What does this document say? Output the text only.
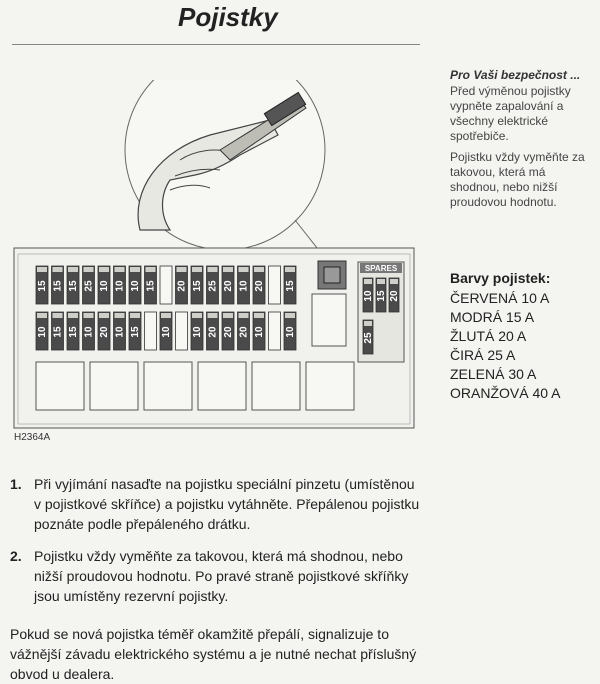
Pojistky
15 15 15 25 10 10 10 15 20 15 25 20 10 20 15
10 15 15 10 20 10 15 10 10 20 20 20 10 10
SPARES
10 15 20
25
H2364A
Pro Vaši bezpečnost ...
Před výměnou pojistky vypněte zapalování a všechny elektrické spotřebiče.
Pojistku vždy vyměňte za takovou, která má shodnou, nebo nižší proudovou hodnotu.
Barvy pojistek:
ČERVENÁ 10 A
MODRÁ 15 A
ŽLUTÁ 20 A
ČIRÁ 25 A
ZELENÁ 30 A
ORANŽOVÁ 40 A
1. Při vyjímání nasaďte na pojistku speciální pinzetu (umístěnou v pojistkové skříňce) a pojistku vytáhněte. Přepálenou pojistku poznáte podle přepáleného drátku.
2. Pojistku vždy vyměňte za takovou, která má shodnou, nebo nižší proudovou hodnotu. Po pravé straně pojistkové skříňky jsou umístěny rezervní pojistky.
Pokud se nová pojistka téměř okamžitě přepálí, signalizuje to vážnější závadu elektrického systému a je nutné nechat příslušný obvod u dealera.
